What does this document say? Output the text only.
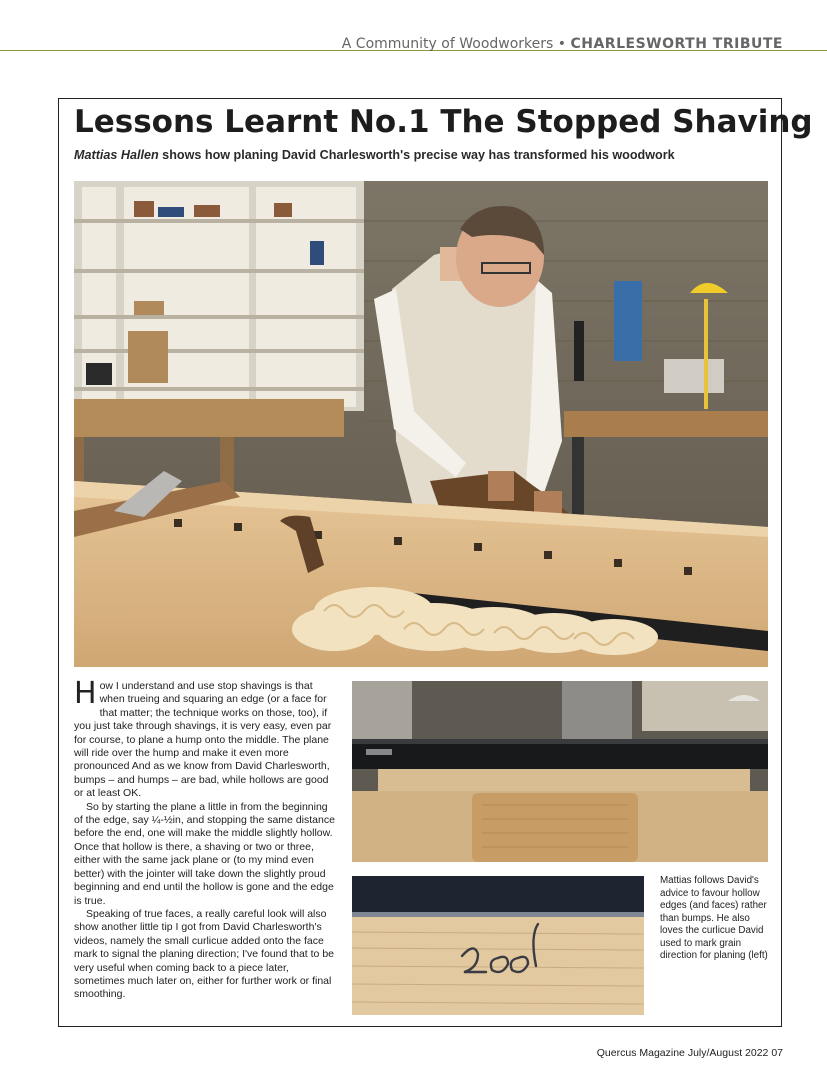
A Community of Woodworkers • CHARLESWORTH TRIBUTE
Lessons Learnt No.1 The Stopped Shaving

Mattias Hallen shows how planing David Charlesworth's precise way has transformed his woodwork

How I understand and use stop shavings is that when trueing and squaring an edge (or a face for that matter; the technique works on those, too), if you just take through shavings, it is very easy, even par for course, to plane a hump onto the middle. The plane will ride over the hump and make it even more pronounced And as we know from David Charlesworth, bumps – and humps – are bad, while hollows are good or at least OK.

So by starting the plane a little in from the beginning of the edge, say ¼-½in, and stopping the same distance before the end, one will make the middle slightly hollow. Once that hollow is there, a shaving or two or three, either with the same jack plane or (to my mind even better) with the jointer will take down the slightly proud beginning and end until the hollow is gone and the edge is true.

Speaking of true faces, a really careful look will also show another little tip I got from David Charlesworth's videos, namely the small curlicue added onto the face mark to signal the planing direction; I've found that to be very useful when coming back to a piece later, sometimes much later on, either for further work or final smoothing.

Mattias follows David's advice to favour hollow edges (and faces) rather than bumps. He also loves the curlicue David used to mark grain direction for planing (left)
Quercus Magazine July/August 2022 07
